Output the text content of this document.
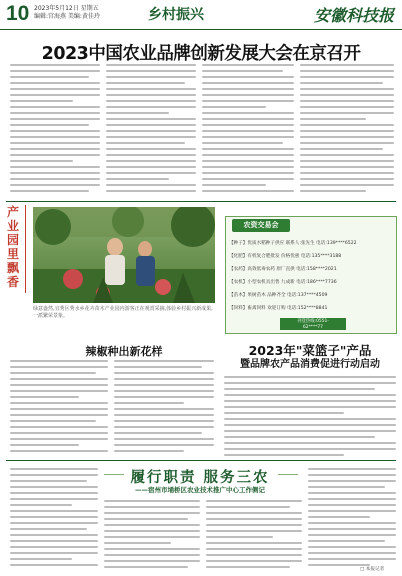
10 2023年5月12日 星期五
编辑:宫海燕 美编:黄佳玲	乡村振兴	安徽科技报
2023中国农业品牌创新发展大会在京召开
产业园里飘香
绿意盎然,宜秀区秀水乡花卉苗木产业园内游客正在观赏采摘,体验乡村振兴新成果,一派繁荣景象。
农资交易会
【种子】优质水稻种子供应 联系人:张先生 电话:139****6522
【化肥】有机复合肥批发 价格优惠 电话:135****3188
【农药】高效低毒农药 原厂直供 电话:158****2021
【农机】小型农机具出售 九成新 电话:186****7736
【苗木】果树苗木 品种齐全 电话:137****4509
【饲料】畜禽饲料 欢迎订购 电话:152****8841
刊登热线:0551-
62****77
2023年"菜篮子"产品
暨品牌农产品消费促进行动启动
辣椒种出新花样
履行职责 服务三农
——宿州市埇桥区农业技术推广中心工作侧记
□ 本报记者
